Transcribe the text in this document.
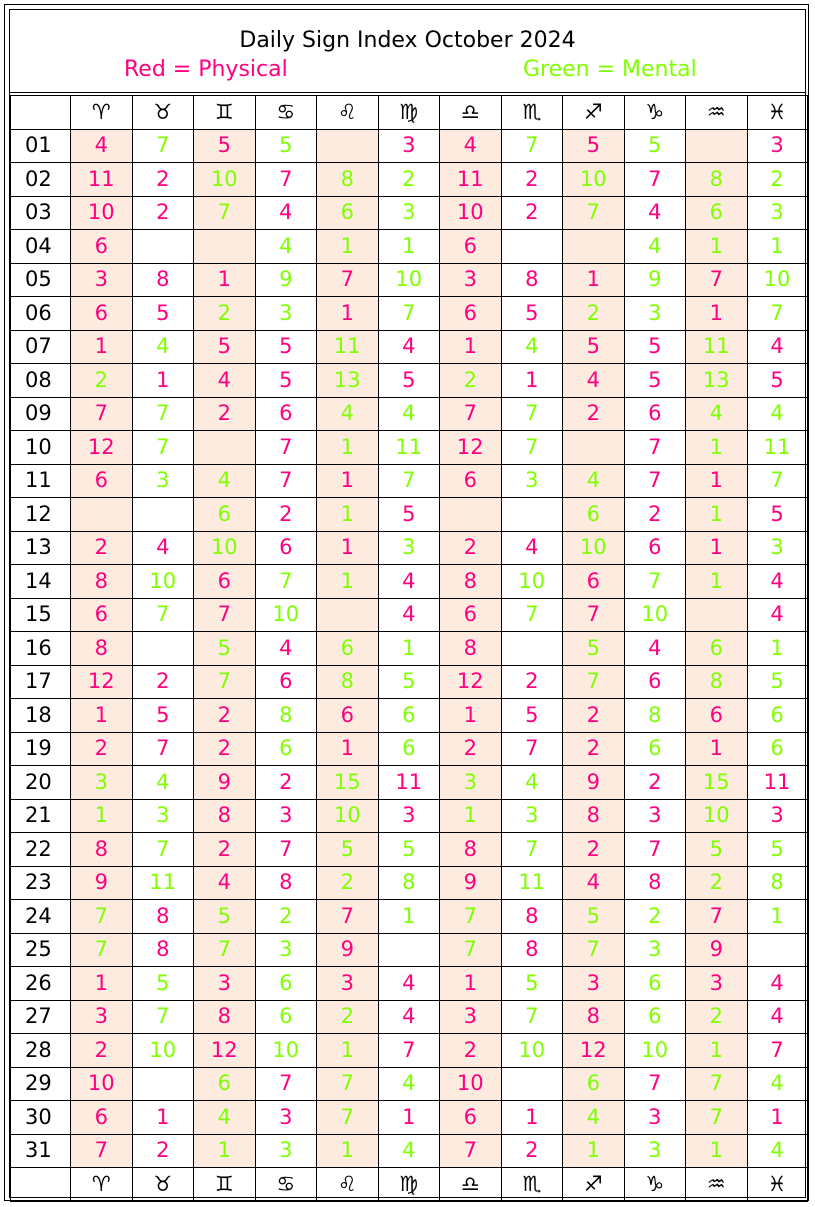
Daily Sign Index October 2024
Red = Physical	Green = Mental
	♈	♉	♊	♋	♌	♍	♎	♏	♐	♑	♒	♓
01	4	7	5	5		3	4	7	5	5		3
02	11	2	10	7	8	2	11	2	10	7	8	2
03	10	2	7	4	6	3	10	2	7	4	6	3
04	6			4	1	1	6			4	1	1
05	3	8	1	9	7	10	3	8	1	9	7	10
06	6	5	2	3	1	7	6	5	2	3	1	7
07	1	4	5	5	11	4	1	4	5	5	11	4
08	2	1	4	5	13	5	2	1	4	5	13	5
09	7	7	2	6	4	4	7	7	2	6	4	4
10	12	7		7	1	11	12	7		7	1	11
11	6	3	4	7	1	7	6	3	4	7	1	7
12			6	2	1	5			6	2	1	5
13	2	4	10	6	1	3	2	4	10	6	1	3
14	8	10	6	7	1	4	8	10	6	7	1	4
15	6	7	7	10		4	6	7	7	10		4
16	8		5	4	6	1	8		5	4	6	1
17	12	2	7	6	8	5	12	2	7	6	8	5
18	1	5	2	8	6	6	1	5	2	8	6	6
19	2	7	2	6	1	6	2	7	2	6	1	6
20	3	4	9	2	15	11	3	4	9	2	15	11
21	1	3	8	3	10	3	1	3	8	3	10	3
22	8	7	2	7	5	5	8	7	2	7	5	5
23	9	11	4	8	2	8	9	11	4	8	2	8
24	7	8	5	2	7	1	7	8	5	2	7	1
25	7	8	7	3	9		7	8	7	3	9	
26	1	5	3	6	3	4	1	5	3	6	3	4
27	3	7	8	6	2	4	3	7	8	6	2	4
28	2	10	12	10	1	7	2	10	12	10	1	7
29	10		6	7	7	4	10		6	7	7	4
30	6	1	4	3	7	1	6	1	4	3	7	1
31	7	2	1	3	1	4	7	2	1	3	1	4
	♈	♉	♊	♋	♌	♍	♎	♏	♐	♑	♒	♓
